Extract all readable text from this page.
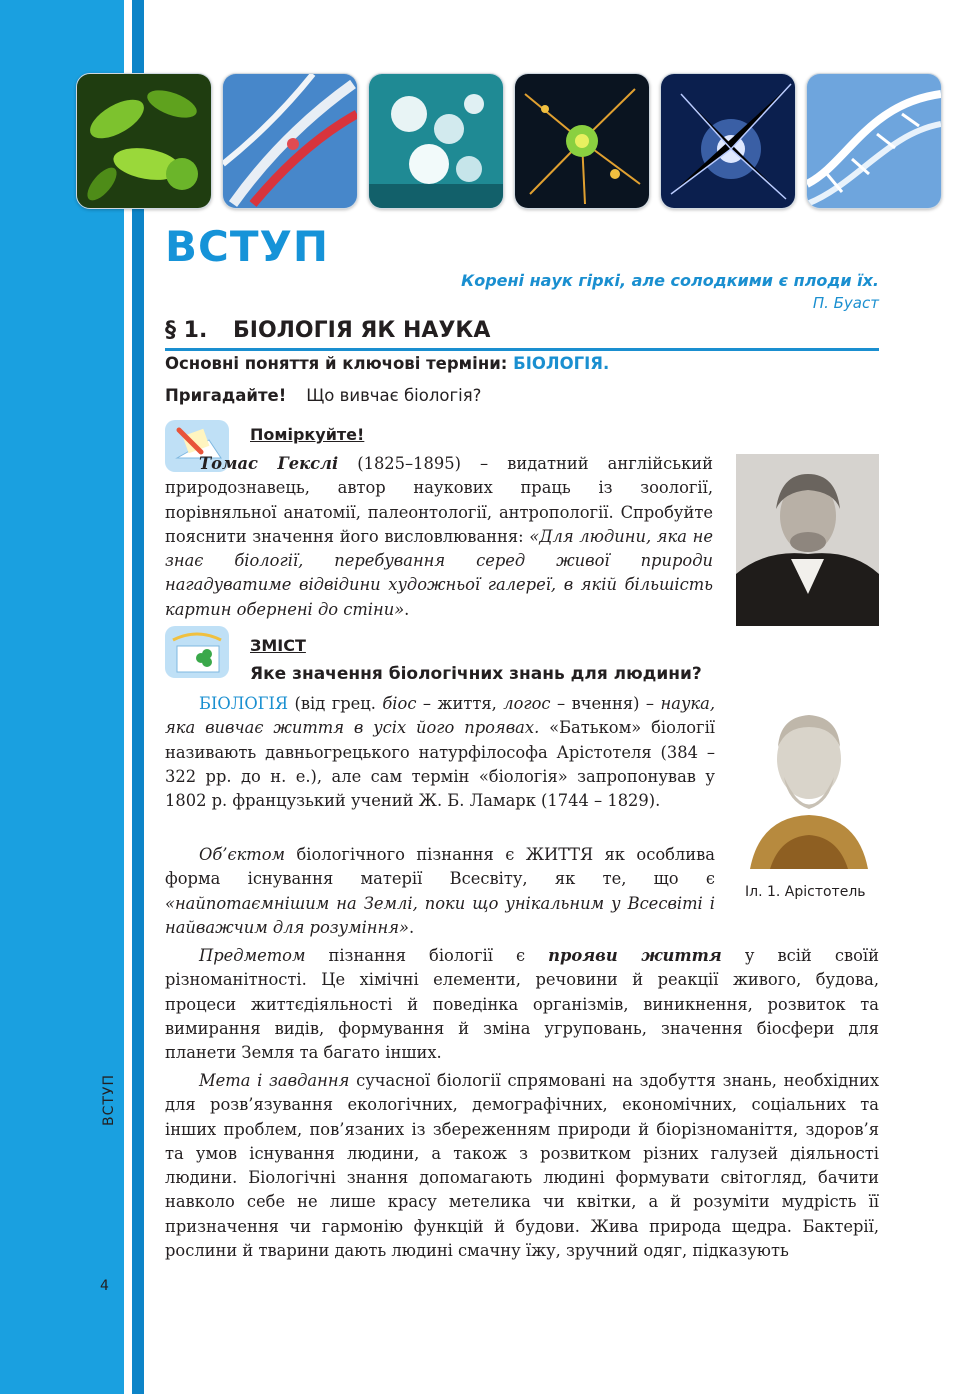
ВСТУП
4
ВСТУП
Корені наук гіркі, але солодкими є плоди їх.
П. Буаст
§ 1. БІОЛОГІЯ ЯК НАУКА
Основні поняття й ключові терміни: БІОЛОГІЯ.
Пригадайте! Що вивчає біологія?
Поміркуйте!

Томас Гекслі (1825–1895) – видатний англійський природознавець, автор наукових праць із зоології, порівняльної анатомії, палеонтології, антропології. Спробуйте пояснити значення його висловлювання: «Для людини, яка не знає біології, перебування серед живої природи нагадуватиме відвідини художньої галереї, в якій більшість картин обернені до стіни».

ЗМІСТ
Яке значення біологічних знань для людини?

БІОЛОГІЯ (від грец. біос – життя, логос – вчення) – наука, яка вивчає життя в усіх його проявах. «Батьком» біології називають давньогрецького натурфілософа Арістотеля (384 – 322 рр. до н. е.), але сам термін «біологія» запропонував у 1802 р. французький учений Ж. Б. Ламарк (1744 – 1829).

Об’єктом біологічного пізнання є ЖИТТЯ як особлива форма існування матерії Всесвіту, як те, що є «найпотаємнішим на Землі, поки що унікальним у Всесвіті і найважчим для розуміння».

Іл. 1. Арістотель

Предметом пізнання біології є прояви життя у всій своїй різноманітності. Це хімічні елементи, речовини й реакції живого, будова, процеси життєдіяльності й поведінка організмів, виникнення, розвиток та вимирання видів, формування й зміна угруповань, значення біосфери для планети Земля та багато інших.

Мета і завдання сучасної біології спрямовані на здобуття знань, необхідних для розв’язування екологічних, демографічних, економічних, соціальних та інших проблем, пов’язаних із збереженням природи й біорізноманіття, здоров’я та умов існування людини, а також з розвитком різних галузей діяльності людини. Біологічні знання допомагають людині формувати світогляд, бачити навколо себе не лише красу метелика чи квітки, а й розуміти мудрість її призначення чи гармонію функцій й будови. Жива природа щедра. Бактерії, рослини й тварини дають людині смачну їжу, зручний одяг, підказують
